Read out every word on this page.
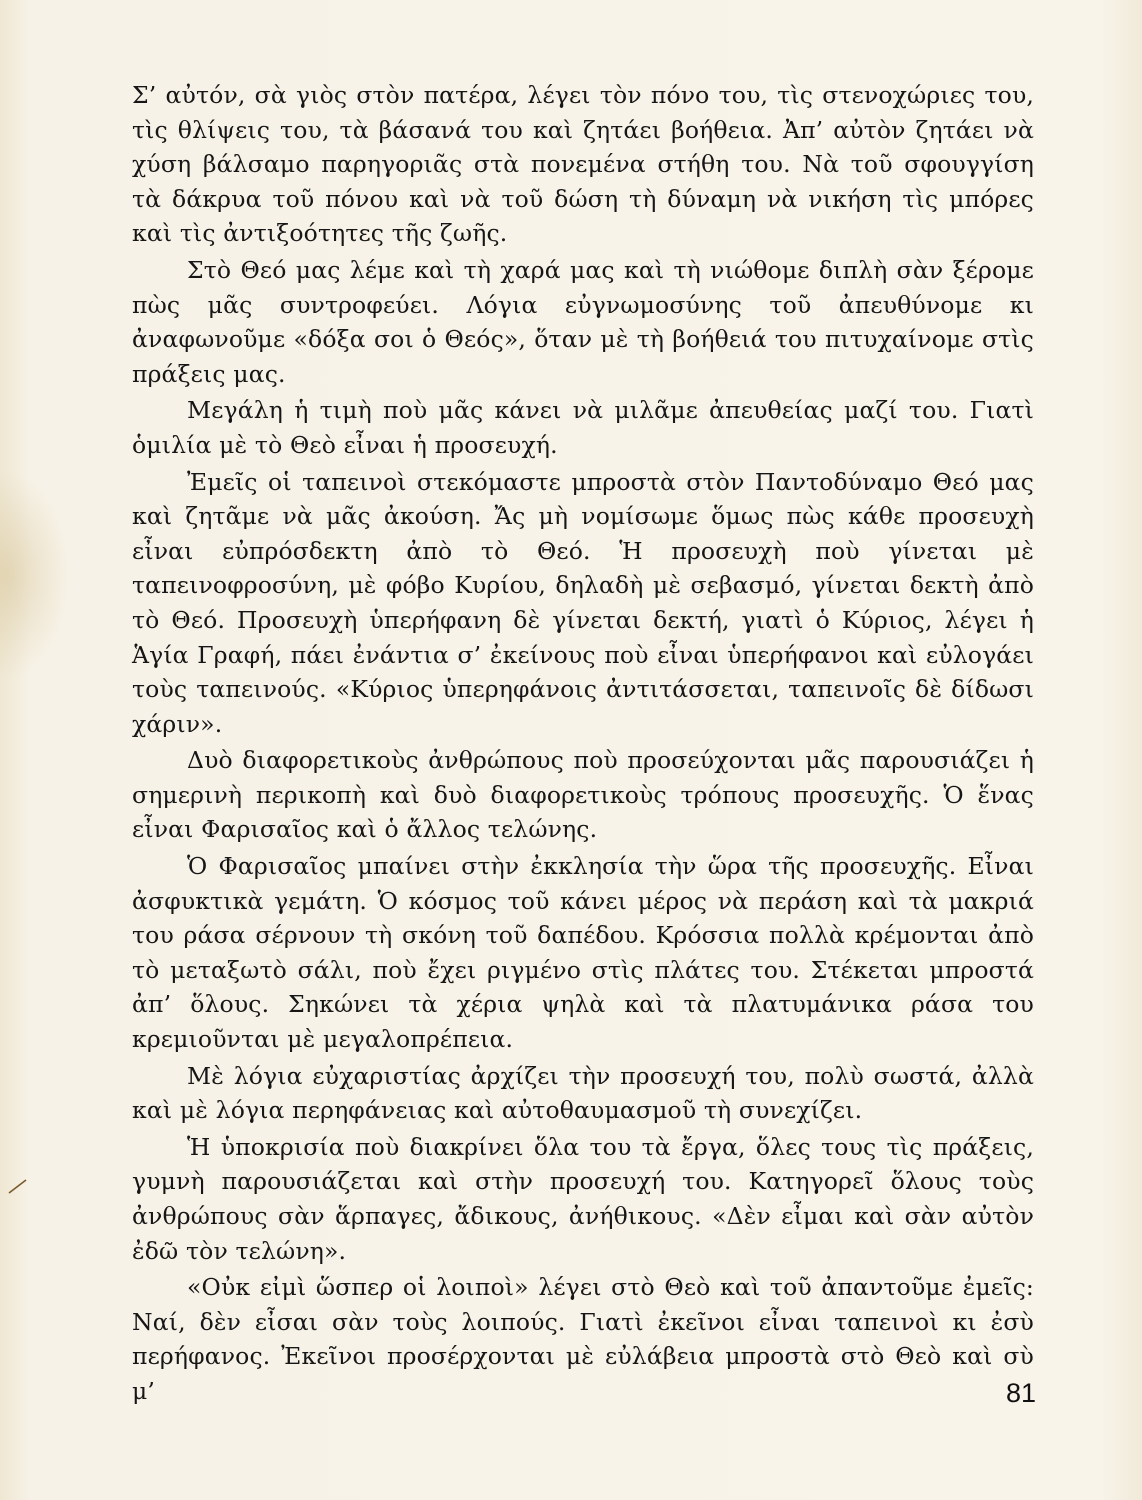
Σ’ αὐτόν, σὰ γιὸς στὸν πατέρα, λέγει τὸν πόνο του, τὶς στενοχώριες του, τὶς θλίψεις του, τὰ βάσανά του καὶ ζητάει βοήθεια. Ἀπ’ αὐτὸν ζητάει νὰ χύση βάλσαμο παρηγοριᾶς στὰ πονεμένα στήθη του. Νὰ τοῦ σφουγγίση τὰ δάκρυα τοῦ πόνου καὶ νὰ τοῦ δώση τὴ δύναμη νὰ νικήση τὶς μπόρες καὶ τὶς ἀντιξοότητες τῆς ζωῆς.

Στὸ Θεό μας λέμε καὶ τὴ χαρά μας καὶ τὴ νιώθομε διπλὴ σὰν ξέρομε πὼς μᾶς συντροφεύει. Λόγια εὐγνωμοσύνης τοῦ ἀπευθύνομε κι ἀναφωνοῦμε «δόξα σοι ὁ Θεός», ὅταν μὲ τὴ βοήθειά του πιτυχαίνομε στὶς πράξεις μας.

Μεγάλη ἡ τιμὴ ποὺ μᾶς κάνει νὰ μιλᾶμε ἀπευθείας μαζί του. Γιατὶ ὁμιλία μὲ τὸ Θεὸ εἶναι ἡ προσευχή.

Ἐμεῖς οἱ ταπεινοὶ στεκόμαστε μπροστὰ στὸν Παντοδύναμο Θεό μας καὶ ζητᾶμε νὰ μᾶς ἀκούση. Ἄς μὴ νομίσωμε ὅμως πὼς κάθε προσευχὴ εἶναι εὐπρόσδεκτη ἀπὸ τὸ Θεό. Ἡ προσευχὴ ποὺ γίνεται μὲ ταπεινοφροσύνη, μὲ φόβο Κυρίου, δηλαδὴ μὲ σεβασμό, γίνεται δεκτὴ ἀπὸ τὸ Θεό. Προσευχὴ ὑπερήφανη δὲ γίνεται δεκτή, γιατὶ ὁ Κύριος, λέγει ἡ Ἁγία Γραφή, πάει ἐνάντια σ’ ἐκείνους ποὺ εἶναι ὑπερήφανοι καὶ εὐλογάει τοὺς ταπεινούς. «Κύριος ὑπερηφάνοις ἀντιτάσσεται, ταπεινοῖς δὲ δίδωσι χάριν».

Δυὸ διαφορετικοὺς ἀνθρώπους ποὺ προσεύχονται μᾶς παρουσιάζει ἡ σημερινὴ περικοπὴ καὶ δυὸ διαφορετικοὺς τρόπους προσευχῆς. Ὁ ἕνας εἶναι Φαρισαῖος καὶ ὁ ἄλλος τελώνης.

Ὁ Φαρισαῖος μπαίνει στὴν ἐκκλησία τὴν ὥρα τῆς προσευχῆς. Εἶναι ἀσφυκτικὰ γεμάτη. Ὁ κόσμος τοῦ κάνει μέρος νὰ περάση καὶ τὰ μακριά του ράσα σέρνουν τὴ σκόνη τοῦ δαπέδου. Κρόσσια πολλὰ κρέμονται ἀπὸ τὸ μεταξωτὸ σάλι, ποὺ ἔχει ριγμένο στὶς πλάτες του. Στέκεται μπροστά ἀπ’ ὅλους. Σηκώνει τὰ χέρια ψηλὰ καὶ τὰ πλατυμάνικα ράσα του κρεμιοῦνται μὲ μεγαλοπρέπεια.

Μὲ λόγια εὐχαριστίας ἀρχίζει τὴν προσευχή του, πολὺ σωστά, ἀλλὰ καὶ μὲ λόγια περηφάνειας καὶ αὐτοθαυμασμοῦ τὴ συνεχίζει.

Ἡ ὑποκρισία ποὺ διακρίνει ὅλα του τὰ ἔργα, ὅλες τους τὶς πράξεις, γυμνὴ παρουσιάζεται καὶ στὴν προσευχή του. Κατηγορεῖ ὅλους τοὺς ἀνθρώπους σὰν ἅρπαγες, ἄδικους, ἀνήθικους. «Δὲν εἶμαι καὶ σὰν αὐτὸν ἐδῶ τὸν τελώνη».

«Οὐκ εἰμὶ ὥσπερ οἱ λοιποὶ» λέγει στὸ Θεὸ καὶ τοῦ ἀπαντοῦμε ἐμεῖς: Ναί, δὲν εἶσαι σὰν τοὺς λοιπούς. Γιατὶ ἐκεῖνοι εἶναι ταπεινοὶ κι ἐσὺ περήφανος. Ἐκεῖνοι προσέρχονται μὲ εὐλάβεια μπροστὰ στὸ Θεὸ καὶ σὺ μ’	81
